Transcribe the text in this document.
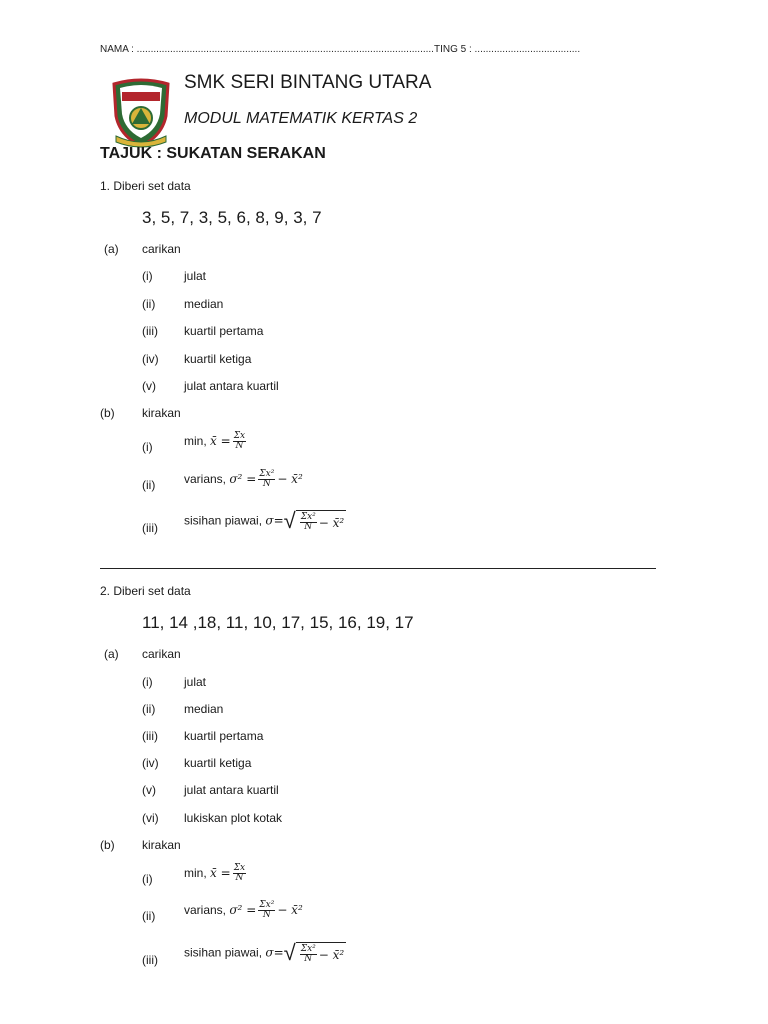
NAMA : ...........................................................................................................TING 5 : ......................................
SMK SERI BINTANG UTARA
MODUL MATEMATIK KERTAS 2
TAJUK : SUKATAN SERAKAN
1. Diberi set data
3, 5, 7, 3, 5, 6, 8, 9, 3, 7
(a) carikan
(i)	julat
(ii) median
(iii) kuartil pertama
(iv) kuartil ketiga
(v) julat antara kuartil
(b) kirakan
(i)	min, x̄ = $\frac{\Sigma x}{N}$
(ii) varians, $\sigma^2 = \frac{\text{Σx²}}{N}$ − x̄²
(iii)
sisihan piawai, σ= √ $\frac{\text{Σx²}}{N}$ − x̄²
2. Diberi set data
11, 14 ,18, 11, 10, 17, 15, 16, 19, 17
(a) carikan
(i)	julat
(ii) median
(iii) kuartil pertama
(iv) kuartil ketiga
(v) julat antara kuartil
(vi) lukiskan plot kotak
(b) kirakan
(i)	min, x̄ = $\frac{\Sigma x}{N}$
(ii) varians, $\sigma^2 = \frac{\text{Σx²}}{N}$ − x̄²
(iii)
sisihan piawai, σ= √ $\frac{\text{Σx²}}{N}$ − x̄²
